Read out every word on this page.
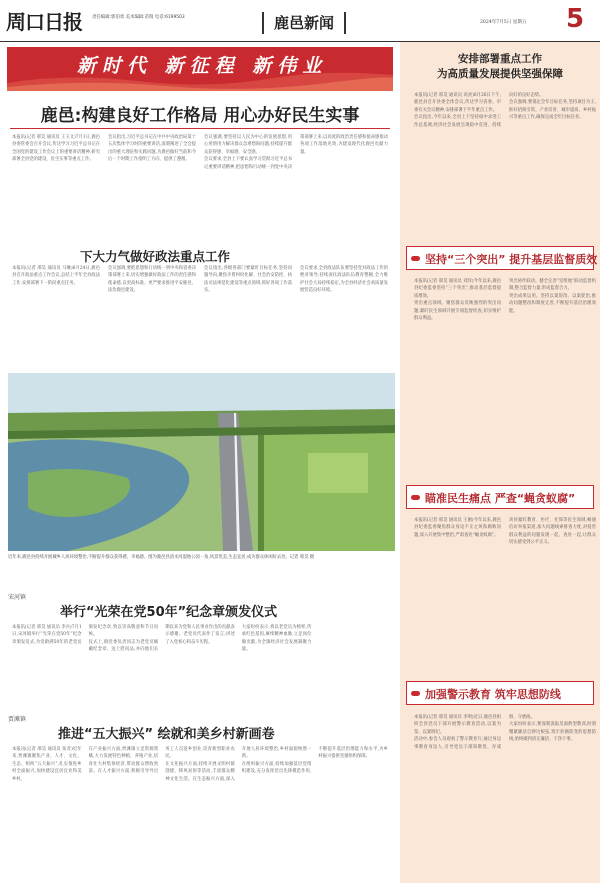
周口日报 责任编辑:郭伯勇 美术编辑:苗瑞 电话:6199503	鹿邑新闻	2024年7月5日 星期五 5
新时代 新征程 新伟业
鹿邑:构建良好工作格局 用心办好民生实事
本报讯(记者 邢昊 通讯员 王玉文)7月1日,鹿邑县委常委会召开会议,传达学习习近平总书记在全国党的建设工作会议上的重要讲话精神,研究部署全县党的建设、民生实事等重点工作。
会议指出,习近平总书记在中共中央政治局第十五次集体学习时的重要讲话,深刻阐述了全会提出的重大理论和实践问题,为鹿邑做好当前和今后一个时期工作指明了方向、提供了遵循。
会议强调,要坚持以人民为中心的发展思想,用心用情用力解决群众急难愁盼问题,持续提升群众获得感、幸福感、安全感。
会议要求,全县上下要认真学习贯彻习近平总书记重要讲话精神,把思想和行动统一到党中央决策部署上来,以高度的政治责任感和使命感推动各项工作落地见效,为建设现代化鹿邑贡献力量。
下大力气做好政法重点工作
本报讯(记者 邢昊 通讯员 马琳)6月24日,鹿邑县召开政法重点工作会议,总结上半年全县政法工作,安排部署下一阶段重点任务。
会议强调,要把思想和行动统一到中央和省委决策部署上来,切实增强做好政法工作的责任感和使命感,以更高标准、更严要求推进平安鹿邑、法治鹿邑建设。
会议指出,各级各部门要紧盯目标任务,坚持问题导向,聚焦矛盾纠纷化解、社会治安防控、执法司法规范化建设等重点领域,抓好各项工作落实。
会议要求,全县政法队伍要坚持党对政法工作的绝对领导,持续深化政法队伍教育整顿,全力维护社会大局持续稳定,为全县经济社会高质量发展营造良好环境。
近年来,鹿邑县持续开展城乡人居环境整治,不断提升群众获得感、幸福感。图为鹿邑县清水河湿地公园一角,风景优美,生态宜居,成为群众休闲好去处。记者 邢昊 摄
宋河镇
举行“光荣在党50年”纪念章颁发仪式
本报讯(记者 邢昊 通讯员 李兵)7月1日,宋河镇举行“光荣在党50年”纪念章颁发仪式,为党龄满50年的老党员颁发纪念章,致以崇高敬意和节日问候。
仪式上,镇党委负责同志为老党员佩戴纪念章、送上慰问品,并向他们长期以来为党和人民事业作出的贡献表示感谢。老党员代表作了发言,讲述了入党初心和奋斗历程。
大家纷纷表示,将以老党员为榜样,传承红色基因,赓续精神血脉,立足岗位做贡献,为全镇经济社会发展凝聚力量。
贾滩镇
推进“五大振兴” 绘就和美乡村新画卷
本报讯(记者 邢昊 通讯员 张奇)近年来,贾滩镇聚焦产业、人才、文化、生态、组织“五大振兴”,扎实推进乡村全面振兴,加快建设宜居宜业和美乡村。
在产业振兴方面,贾滩镇立足资源禀赋,大力发展特色种植、养殖产业,培育壮大村集体经济,带动群众增收致富。在人才振兴方面,积极引导外出务工人员返乡创业,培育新型职业农民。
在文化振兴方面,持续开展文明村镇创建、移风易俗等活动,丰富群众精神文化生活。在生态振兴方面,深入开展人居环境整治,乡村面貌焕然一新。
在组织振兴方面,持续加强基层党组织建设,充分发挥党员先锋模范作用,不断提升基层治理能力和水平,为乡村振兴提供坚强组织保障。
安排部署重点工作
为高质量发展提供坚强保障
本报讯(记者 邢昊 通讯员 高亮)6月26日下午,鹿邑县召开县委全体会议,传达学习省委、市委有关会议精神,安排部署下半年重点工作。
会议指出,今年以来,全县上下坚持稳中求进工作总基调,经济社会发展呈现稳中有进、持续向好的良好态势。
会议强调,要锚定全年目标任务,坚持项目为王,抓好招商引资、产业培育、城市提质、乡村振兴等重点工作,确保完成全年目标任务。
坚持“三个突出” 提升基层监督质效
本报讯(记者 邢昊 通讯员 刘洋)今年以来,鹿邑县纪委监委坚持“三个突出”,推动基层监督提质增效。
突出重点领域。聚焦群众反映强烈的突出问题,紧盯民生领域开展专项监督检查,切实维护群众利益。
突出协作联动。健全完善“室组地”联动监督机制,整合监督力量,形成监督合力。
突出成果运用。坚持以案促改、以案促治,推动问题整改和制度完善,不断提升基层治理效能。
瞄准民生痛点 严查“蝇贪蚁腐”
本报讯(记者 邢昊 通讯员 王刚)今年以来,鹿邑县纪委监委聚焦群众身边不正之风和腐败问题,深入开展集中整治,严肃查处“蝇贪蚁腐”。
该县紧盯教育、医疗、社保等民生领域,畅通信访举报渠道,加大问题线索排查力度,对侵害群众利益的问题发现一起、查处一起,让群众切实感受到公平正义。
加强警示教育 筑牢思想防线
本报讯(记者 邢昊 通讯员 李明)近日,鹿邑县组织全县党员干部开展警示教育活动,以案为鉴、以案明纪。
活动中,参会人员观看了警示教育片,通过身边事教育身边人,引导党员干部知敬畏、存戒惧、守底线。
大家纷纷表示,要深刻汲取反面典型教训,时刻绷紧廉洁自律这根弦,筑牢拒腐防变的思想防线,始终做到清正廉洁、干净干事。
